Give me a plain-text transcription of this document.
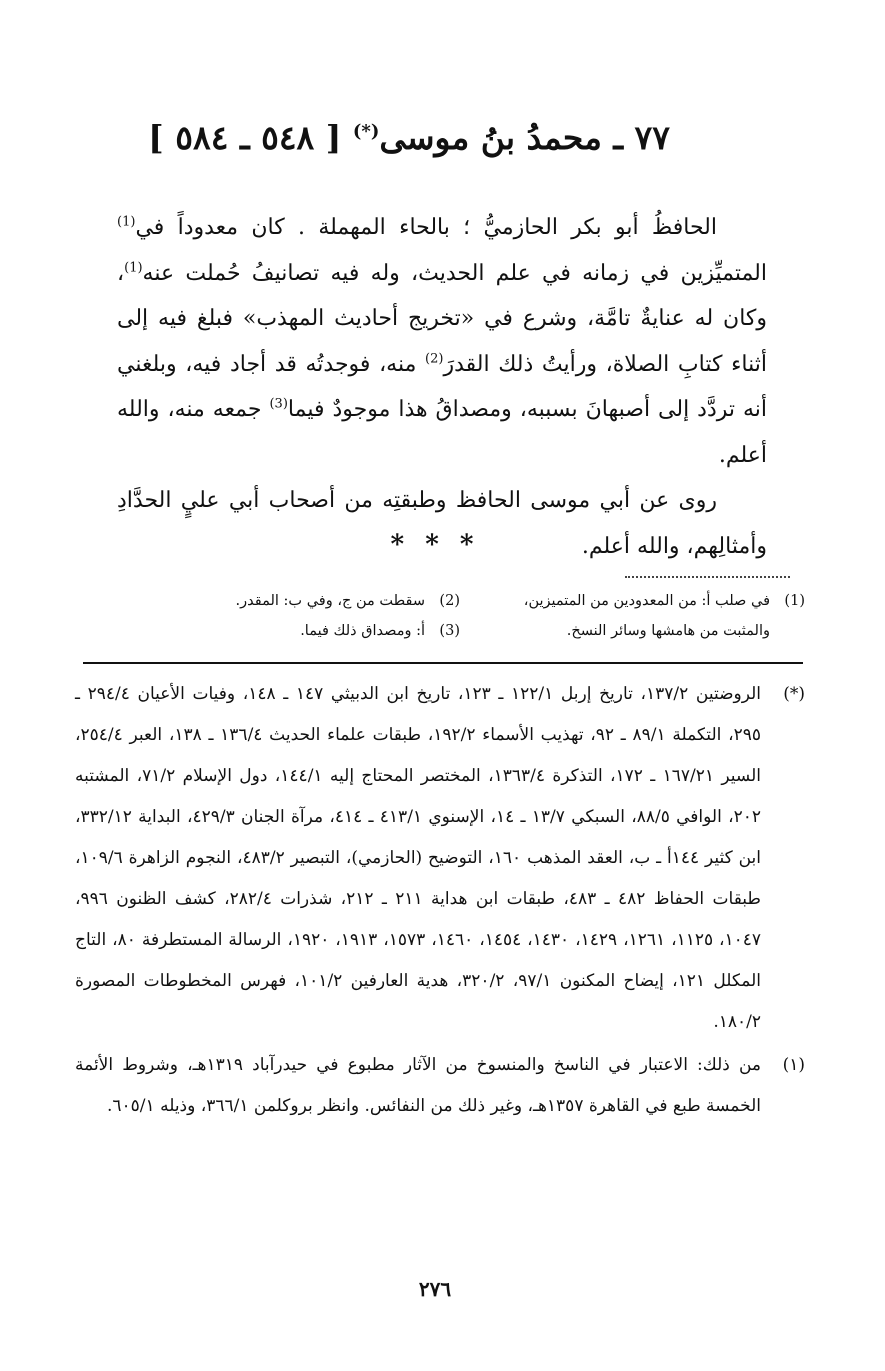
٧٧ ـ محمدُ بنُ موسى(*) [ ٥٤٨ ـ ٥٨٤ ]

الحافظُ أبو بكر الحازميُّ ؛ بالحاء المهملة . كان معدوداً في$^{(1)}$ المتميِّزين في زمانه في علم الحديث، وله فيه تصانيفُ حُملت عنه$^{(1)}$، وكان له عنايةٌ تامَّة، وشرع في «تخريج أحاديث المهذب» فبلغ فيه إلى أثناء كتابِ الصلاة، ورأيتُ ذلك القدرَ$^{(2)}$ منه، فوجدتُه قد أجاد فيه، وبلغني أنه تردَّد إلى أصبهانَ بسببه، ومصداقُ هذا موجودٌ فيما$^{(3)}$ جمعه منه، والله أعلم.

روى عن أبي موسى الحافظ وطبقتِه من أصحاب أبي عليٍ الحدَّادِ وأمثالِهم، والله أعلم.

* * *
(1)
في صلب أ: من المعدودين من المتميزين،
(2)
سقطت من ج، وفي ب: المقدر.
والمثبت من هامشها وسائر النسخ.
(3)
أ: ومصداق ذلك فيما.
(*)
الروضتين ١٣٧/٢، تاريخ إربل ١٢٢/١ ـ ١٢٣، تاريخ ابن الدبيثي ١٤٧ ـ ١٤٨، وفيات الأعيان ٢٩٤/٤ ـ ٢٩٥، التكملة ٨٩/١ ـ ٩٢، تهذيب الأسماء ١٩٢/٢، طبقات علماء الحديث ١٣٦/٤ ـ ١٣٨، العبر ٢٥٤/٤، السير ١٦٧/٢١ ـ ١٧٢، التذكرة ١٣٦٣/٤، المختصر المحتاج إليه ١٤٤/١، دول الإسلام ٧١/٢، المشتبه ٢٠٢، الوافي ٨٨/٥، السبكي ١٣/٧ ـ ١٤، الإسنوي ٤١٣/١ ـ ٤١٤، مرآة الجنان ٤٢٩/٣، البداية ٣٣٢/١٢، ابن كثير ١٤٤أ ـ ب، العقد المذهب ١٦٠، التوضيح (الحازمي)، التبصير ٤٨٣/٢، النجوم الزاهرة ١٠٩/٦، طبقات الحفاظ ٤٨٢ ـ ٤٨٣، طبقات ابن هداية ٢١١ ـ ٢١٢، شذرات ٢٨٢/٤، كشف الظنون ٩٩٦، ١٠٤٧، ١١٢٥، ١٢٦١، ١٤٢٩، ١٤٣٠، ١٤٥٤، ١٤٦٠، ١٥٧٣، ١٩١٣، ١٩٢٠، الرسالة المستطرفة ٨٠، التاج المكلل ١٢١، إيضاح المكنون ٩٧/١، ٣٢٠/٢، هدية العارفين ١٠١/٢، فهرس المخطوطات المصورة ١٨٠/٢.
(١)
من ذلك: الاعتبار في الناسخ والمنسوخ من الآثار مطبوع في حيدرآباد ١٣١٩هـ، وشروط الأئمة الخمسة طبع في القاهرة ١٣٥٧هـ، وغير ذلك من النفائس. وانظر بروكلمن ٣٦٦/١، وذيله ٦٠٥/١.
٢٧٦
